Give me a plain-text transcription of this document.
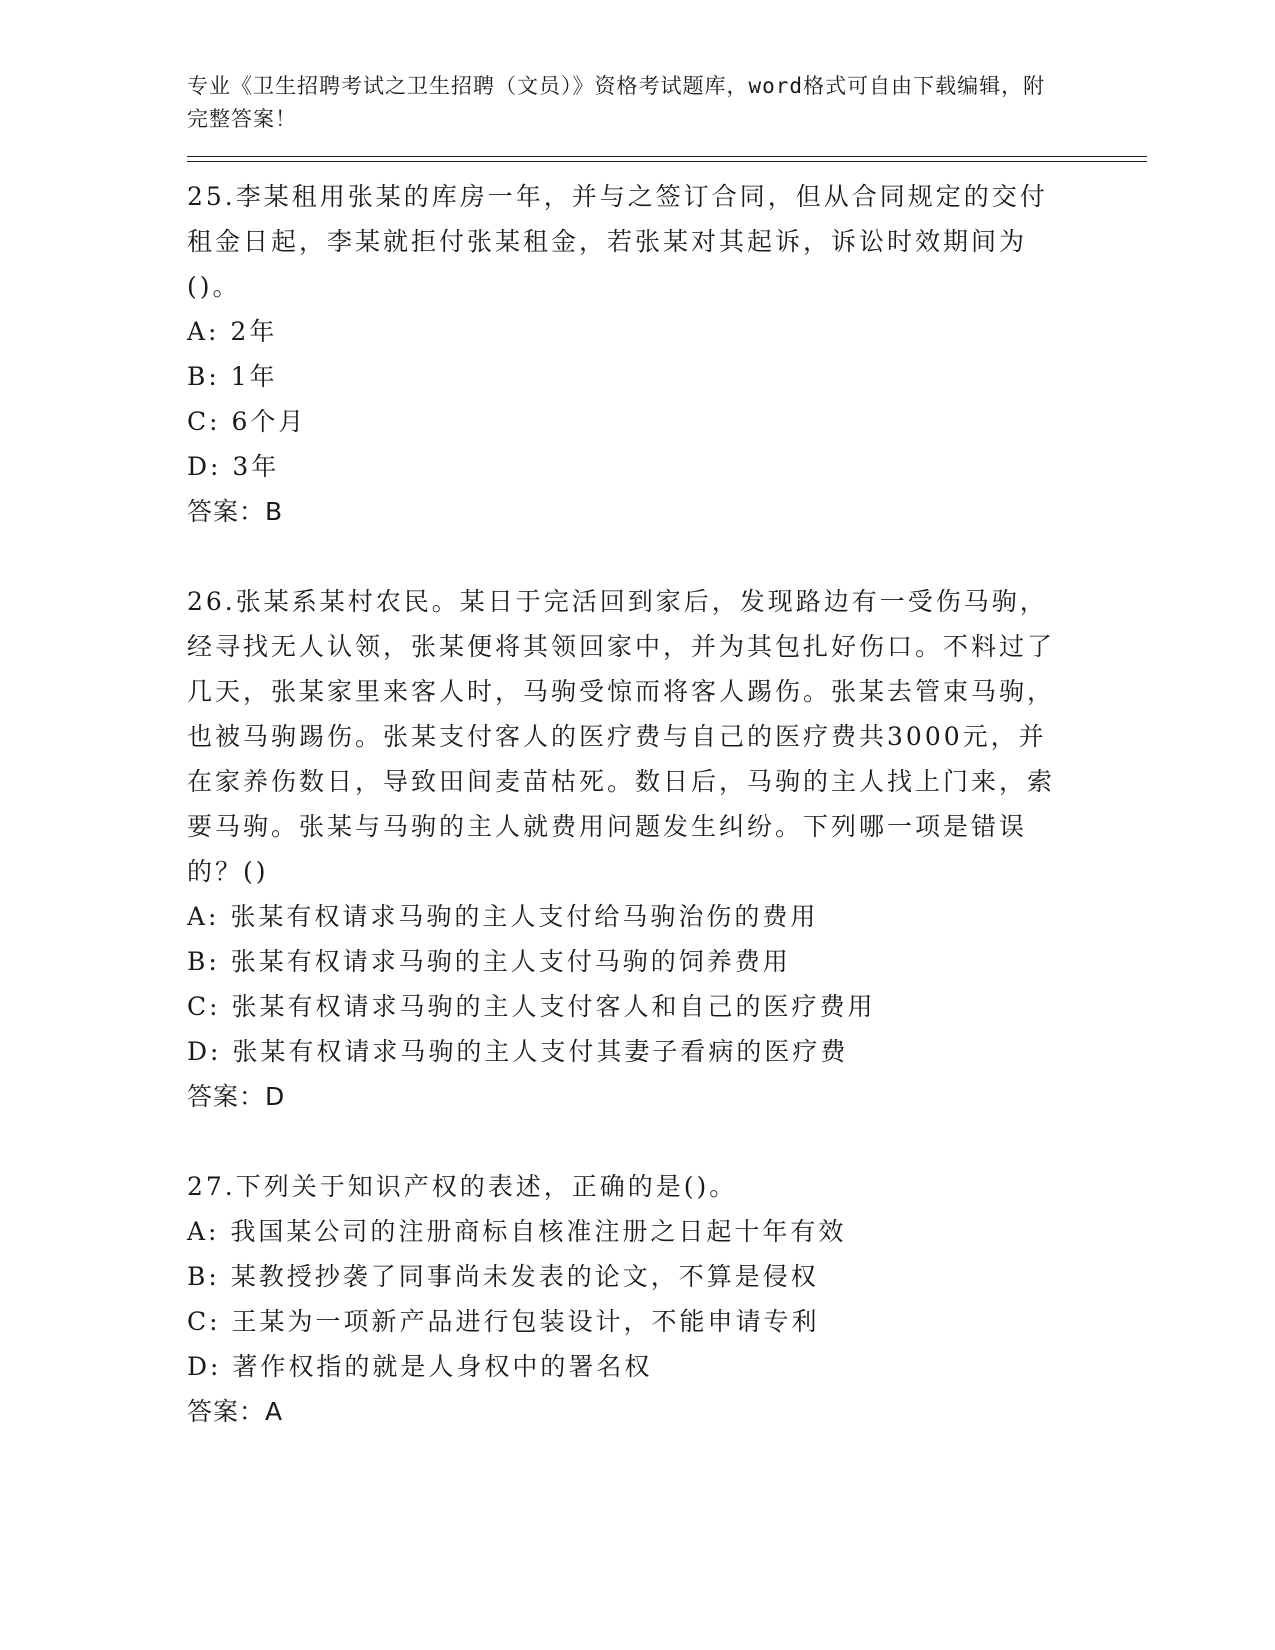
专业《卫生招聘考试之卫生招聘（文员）》资格考试题库，word格式可自由下载编辑，附完整答案！

25.李某租用张某的库房一年，并与之签订合同，但从合同规定的交付租金日起，李某就拒付张某租金，若张某对其起诉，诉讼时效期间为()。

A: 2年

B: 1年

C: 6个月

D: 3年

答案：B

26.张某系某村农民。某日于完活回到家后，发现路边有一受伤马驹，经寻找无人认领，张某便将其领回家中，并为其包扎好伤口。不料过了几天，张某家里来客人时，马驹受惊而将客人踢伤。张某去管束马驹，也被马驹踢伤。张某支付客人的医疗费与自己的医疗费共3000元，并在家养伤数日，导致田间麦苗枯死。数日后，马驹的主人找上门来，索要马驹。张某与马驹的主人就费用问题发生纠纷。下列哪一项是错误的？()

A: 张某有权请求马驹的主人支付给马驹治伤的费用

B: 张某有权请求马驹的主人支付马驹的饲养费用

C: 张某有权请求马驹的主人支付客人和自己的医疗费用

D: 张某有权请求马驹的主人支付其妻子看病的医疗费

答案：D

27.下列关于知识产权的表述，正确的是()。

A: 我国某公司的注册商标自核准注册之日起十年有效

B: 某教授抄袭了同事尚未发表的论文，不算是侵权

C: 王某为一项新产品进行包装设计，不能申请专利

D: 著作权指的就是人身权中的署名权

答案：A
